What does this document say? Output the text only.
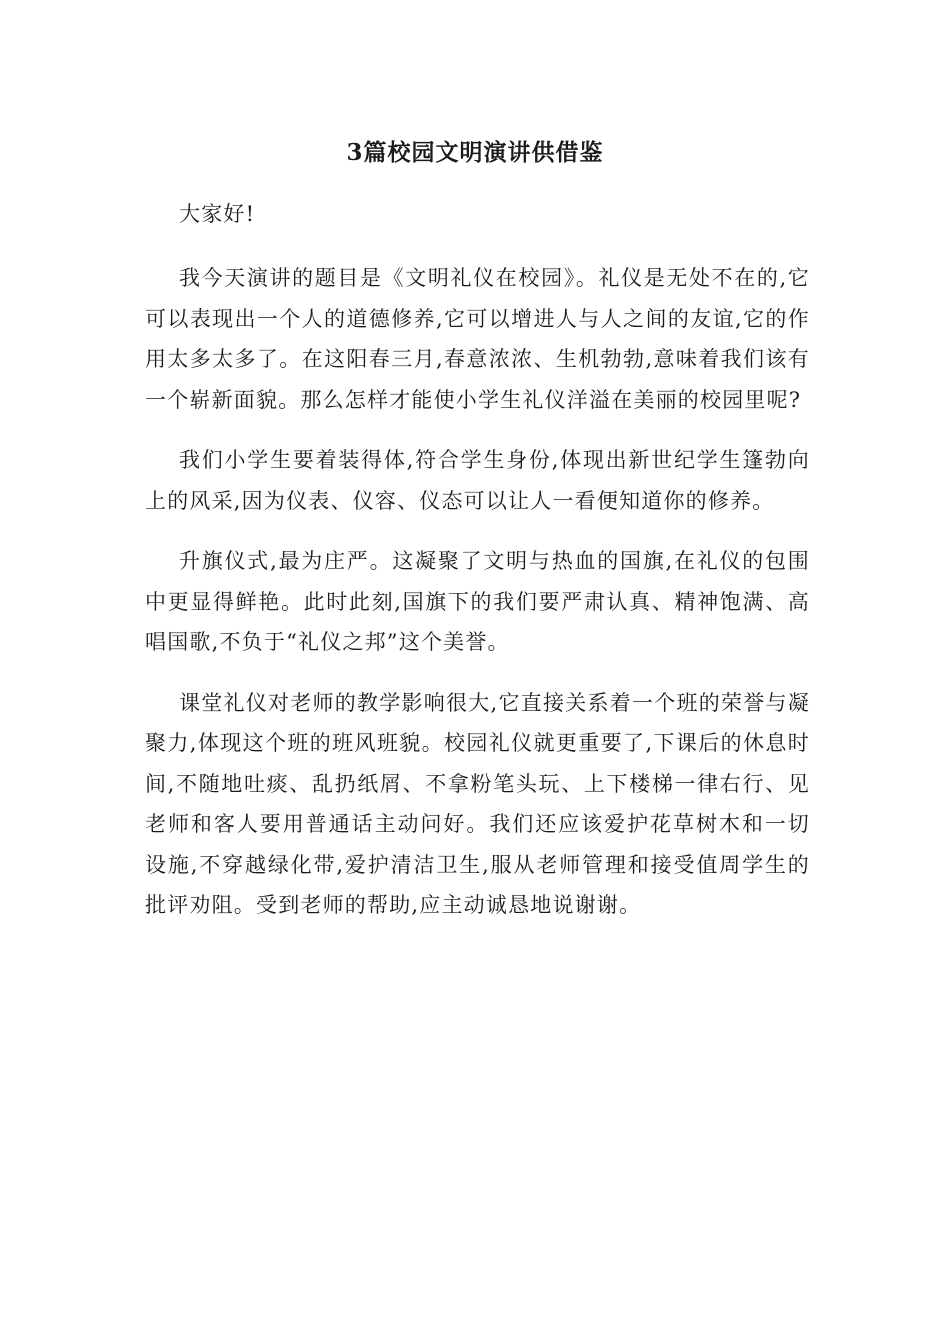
3篇校园文明演讲供借鉴

大家好!

我今天演讲的题目是《文明礼仪在校园》。礼仪是无处不在的,它可以表现出一个人的道德修养,它可以增进人与人之间的友谊,它的作用太多太多了。在这阳春三月,春意浓浓、生机勃勃,意味着我们该有一个崭新面貌。那么怎样才能使小学生礼仪洋溢在美丽的校园里呢?

我们小学生要着装得体,符合学生身份,体现出新世纪学生篷勃向上的风采,因为仪表、仪容、仪态可以让人一看便知道你的修养。

升旗仪式,最为庄严。这凝聚了文明与热血的国旗,在礼仪的包围中更显得鲜艳。此时此刻,国旗下的我们要严肃认真、精神饱满、高唱国歌,不负于“礼仪之邦”这个美誉。

课堂礼仪对老师的教学影响很大,它直接关系着一个班的荣誉与凝聚力,体现这个班的班风班貌。校园礼仪就更重要了,下课后的休息时间,不随地吐痰、乱扔纸屑、不拿粉笔头玩、上下楼梯一律右行、见老师和客人要用普通话主动问好。我们还应该爱护花草树木和一切设施,不穿越绿化带,爱护清洁卫生,服从老师管理和接受值周学生的批评劝阻。受到老师的帮助,应主动诚恳地说谢谢。
